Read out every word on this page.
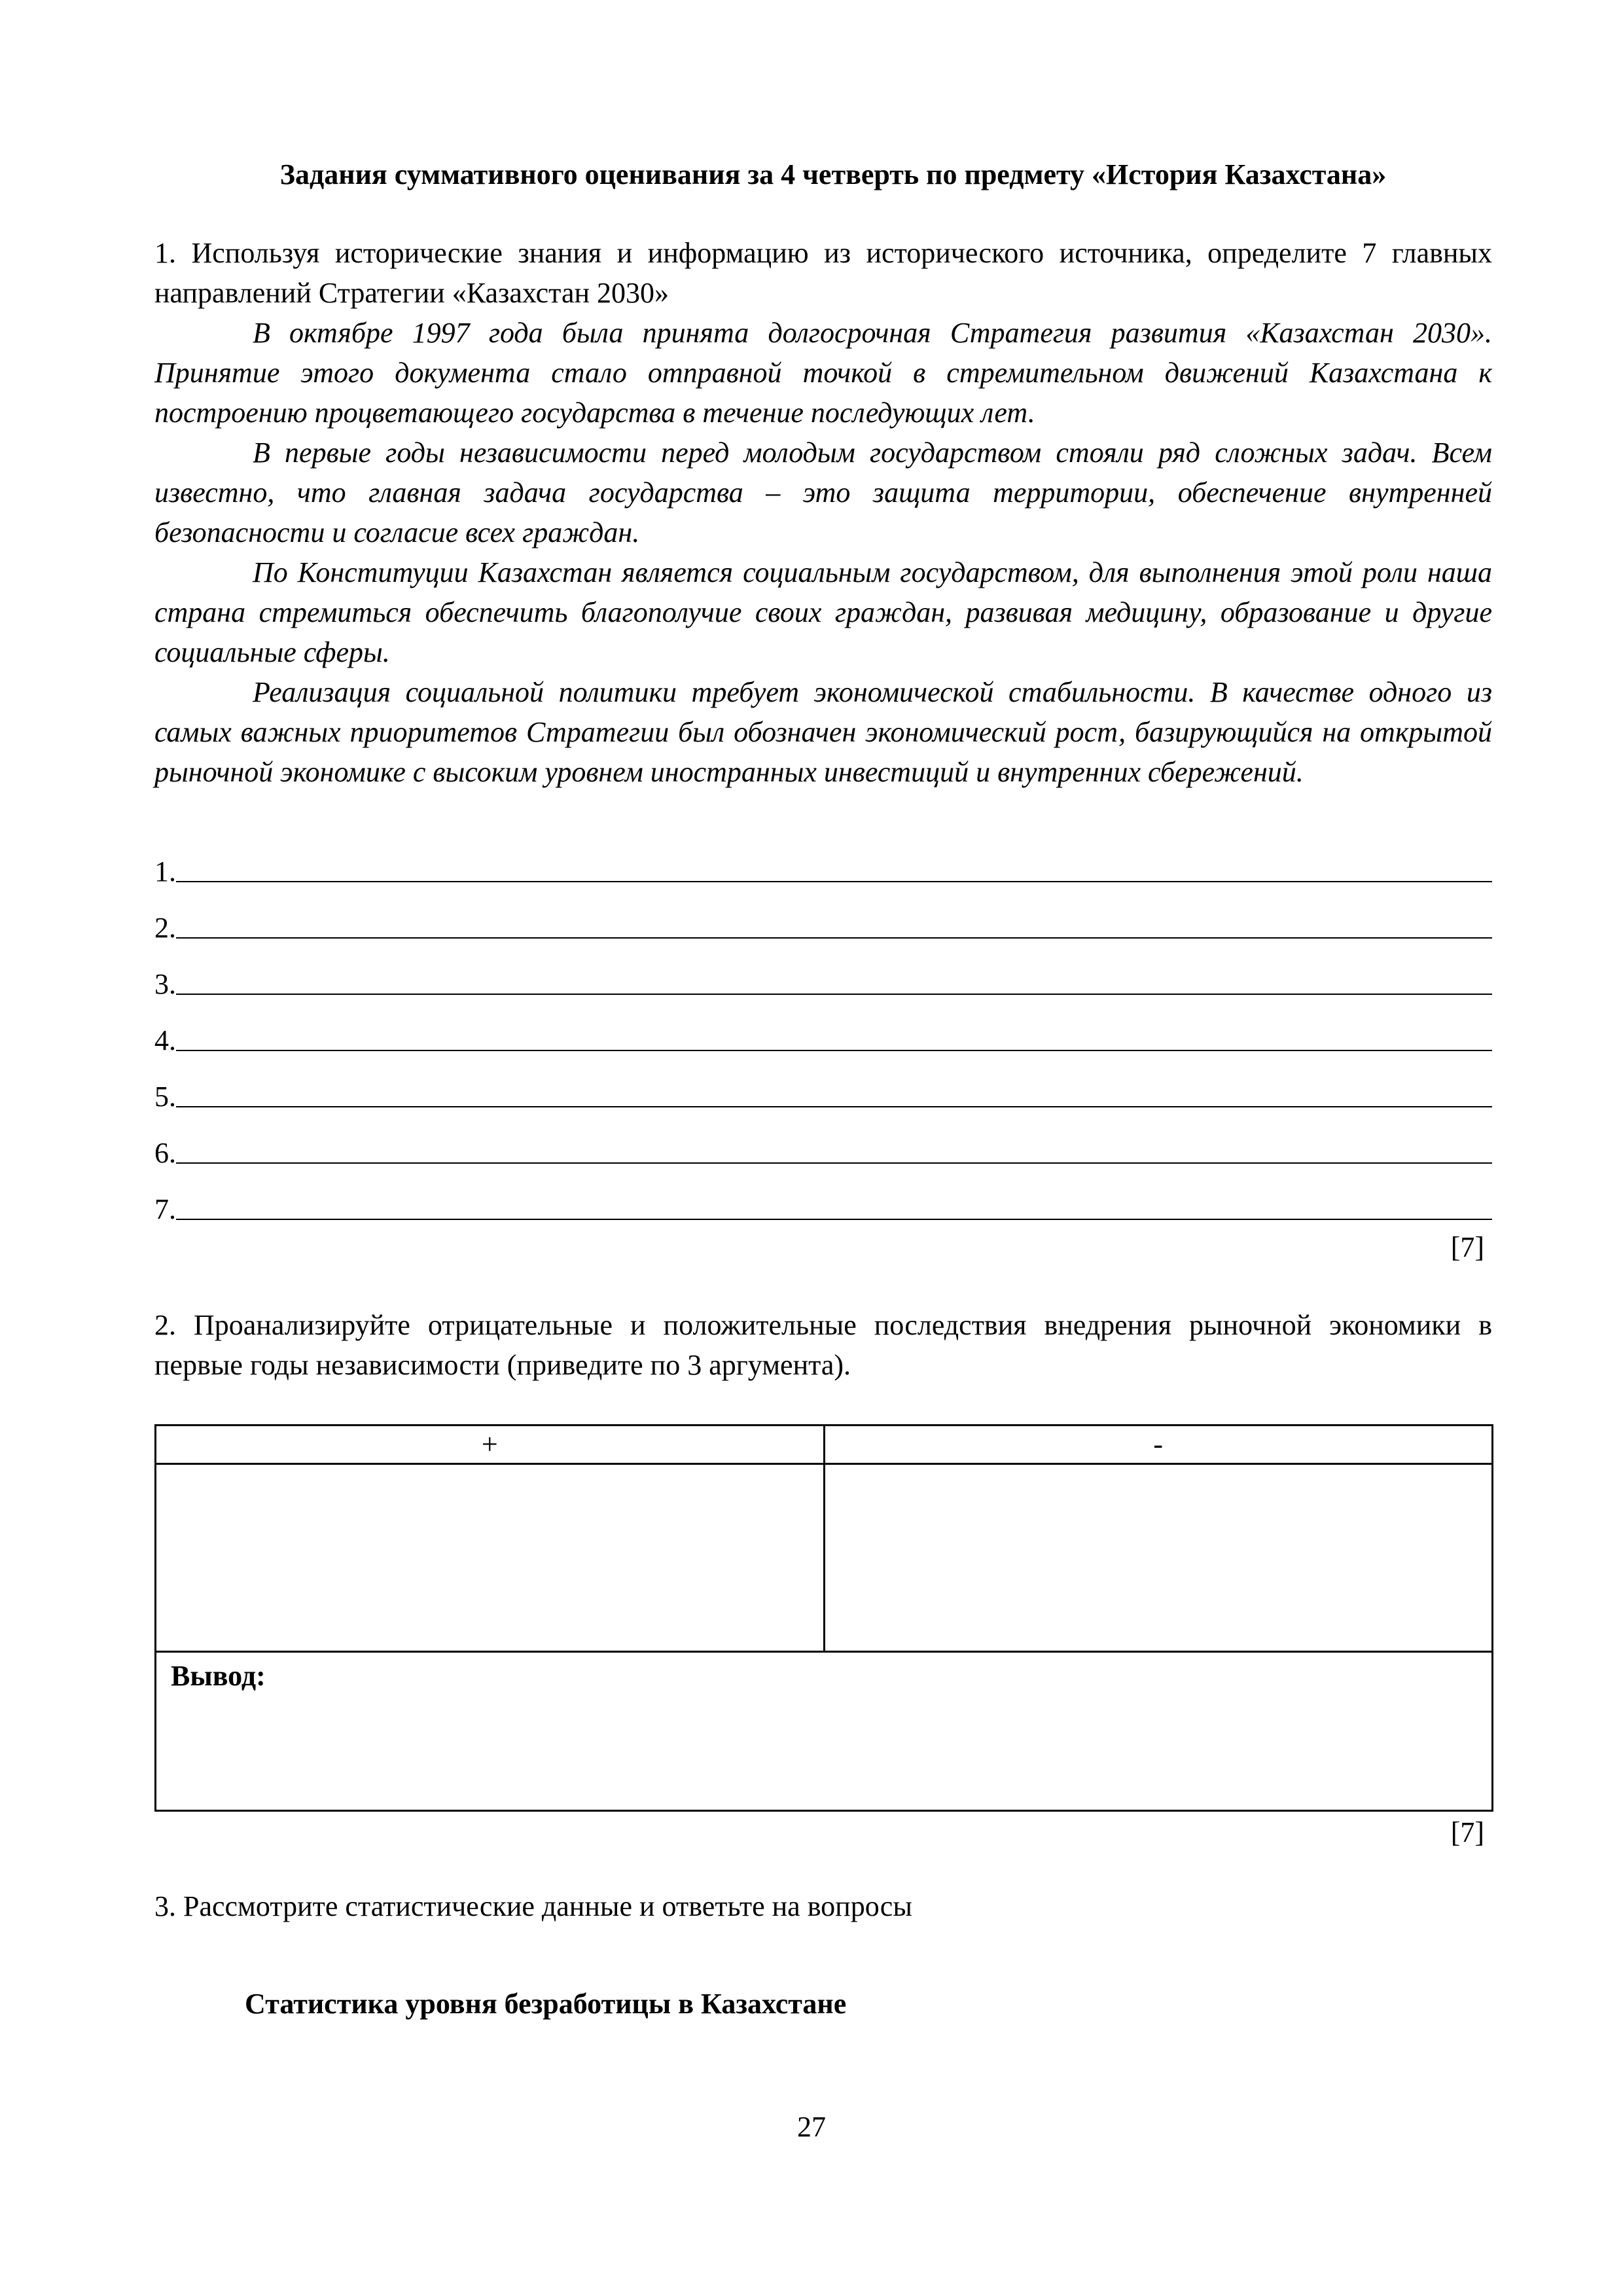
Задания суммативного оценивания за 4 четверть по предмету «История Казахстана»

1. Используя исторические знания и информацию из исторического источника, определите 7 главных направлений Стратегии «Казахстан 2030»

В октябре 1997 года была принята долгосрочная Стратегия развития «Казахстан 2030». Принятие этого документа стало отправной точкой в стремительном движений Казахстана к построению процветающего государства в течение последующих лет.

В первые годы независимости перед молодым государством стояли ряд сложных задач. Всем известно, что главная задача государства – это защита территории, обеспечение внутренней безопасности и согласие всех граждан.

По Конституции Казахстан является социальным государством, для выполнения этой роли наша страна стремиться обеспечить благополучие своих граждан, развивая медицину, образование и другие социальные сферы.

Реализация социальной политики требует экономической стабильности. В качестве одного из самых важных приоритетов Стратегии был обозначен экономический рост, базирующийся на открытой рыночной экономике с высоким уровнем иностранных инвестиций и внутренних сбережений.

1.
2.
3.
4.
5.
6.
7.

[7]

2. Проанализируйте отрицательные и положительные последствия внедрения рыночной экономики в первые годы независимости (приведите по 3 аргумента).

+	-

Вывод:	

[7]

3. Рассмотрите статистические данные и ответьте на вопросы

Статистика уровня безработицы в Казахстане

27
